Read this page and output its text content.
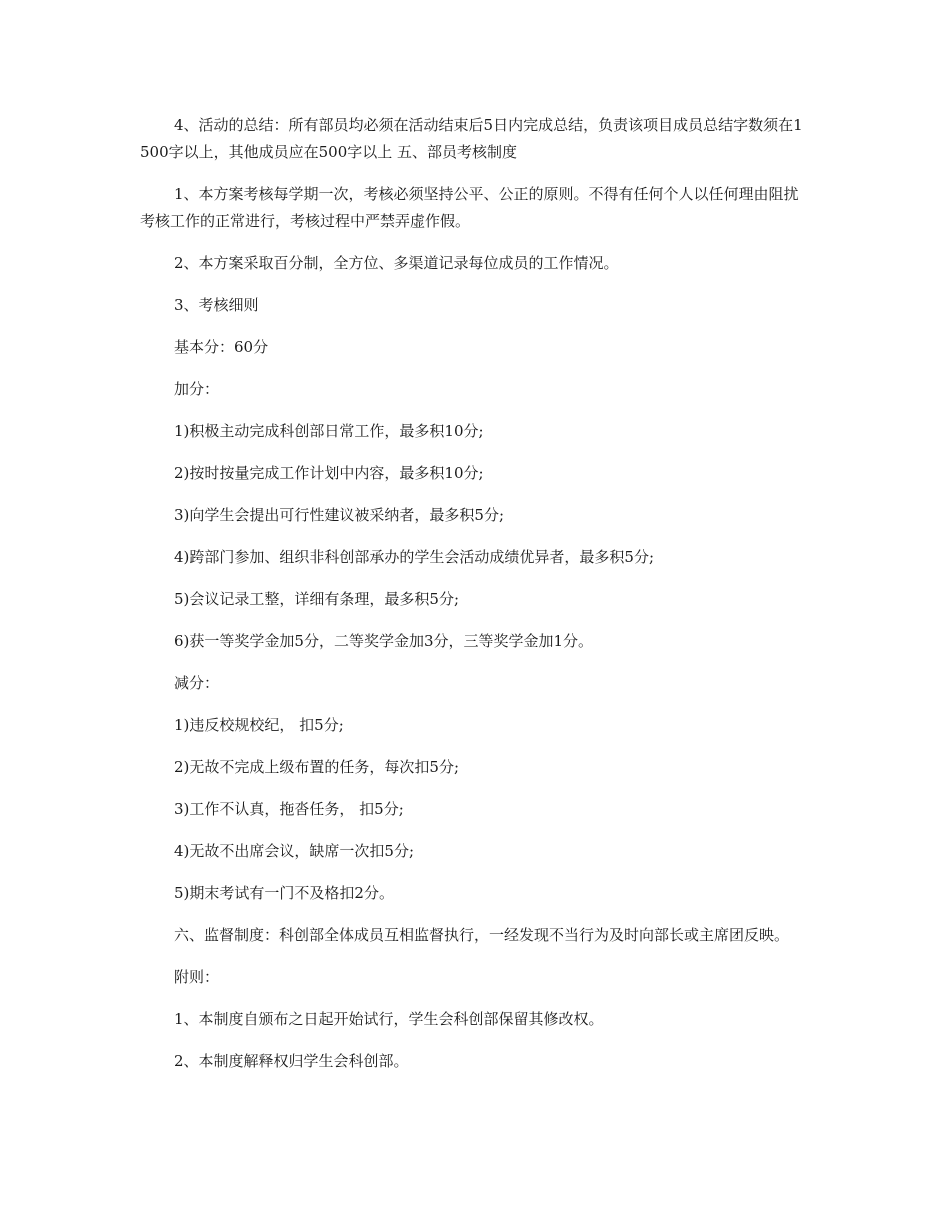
4、活动的总结：所有部员均必须在活动结束后5日内完成总结，负责该项目成员总结字数须在1500字以上，其他成员应在500字以上 五、部员考核制度

1、本方案考核每学期一次，考核必须坚持公平、公正的原则。不得有任何个人以任何理由阻扰考核工作的正常进行，考核过程中严禁弄虚作假。

2、本方案采取百分制，全方位、多渠道记录每位成员的工作情况。

3、考核细则

基本分：60分

加分：

1)积极主动完成科创部日常工作，最多积10分;

2)按时按量完成工作计划中内容，最多积10分;

3)向学生会提出可行性建议被采纳者，最多积5分;

4)跨部门参加、组织非科创部承办的学生会活动成绩优异者，最多积5分;

5)会议记录工整，详细有条理，最多积5分;

6)获一等奖学金加5分，二等奖学金加3分，三等奖学金加1分。

减分：

1)违反校规校纪， 扣5分;

2)无故不完成上级布置的任务，每次扣5分;

3)工作不认真，拖沓任务， 扣5分;

4)无故不出席会议，缺席一次扣5分;

5)期末考试有一门不及格扣2分。

六、监督制度：科创部全体成员互相监督执行，一经发现不当行为及时向部长或主席团反映。

附则：

1、本制度自颁布之日起开始试行，学生会科创部保留其修改权。

2、本制度解释权归学生会科创部。
